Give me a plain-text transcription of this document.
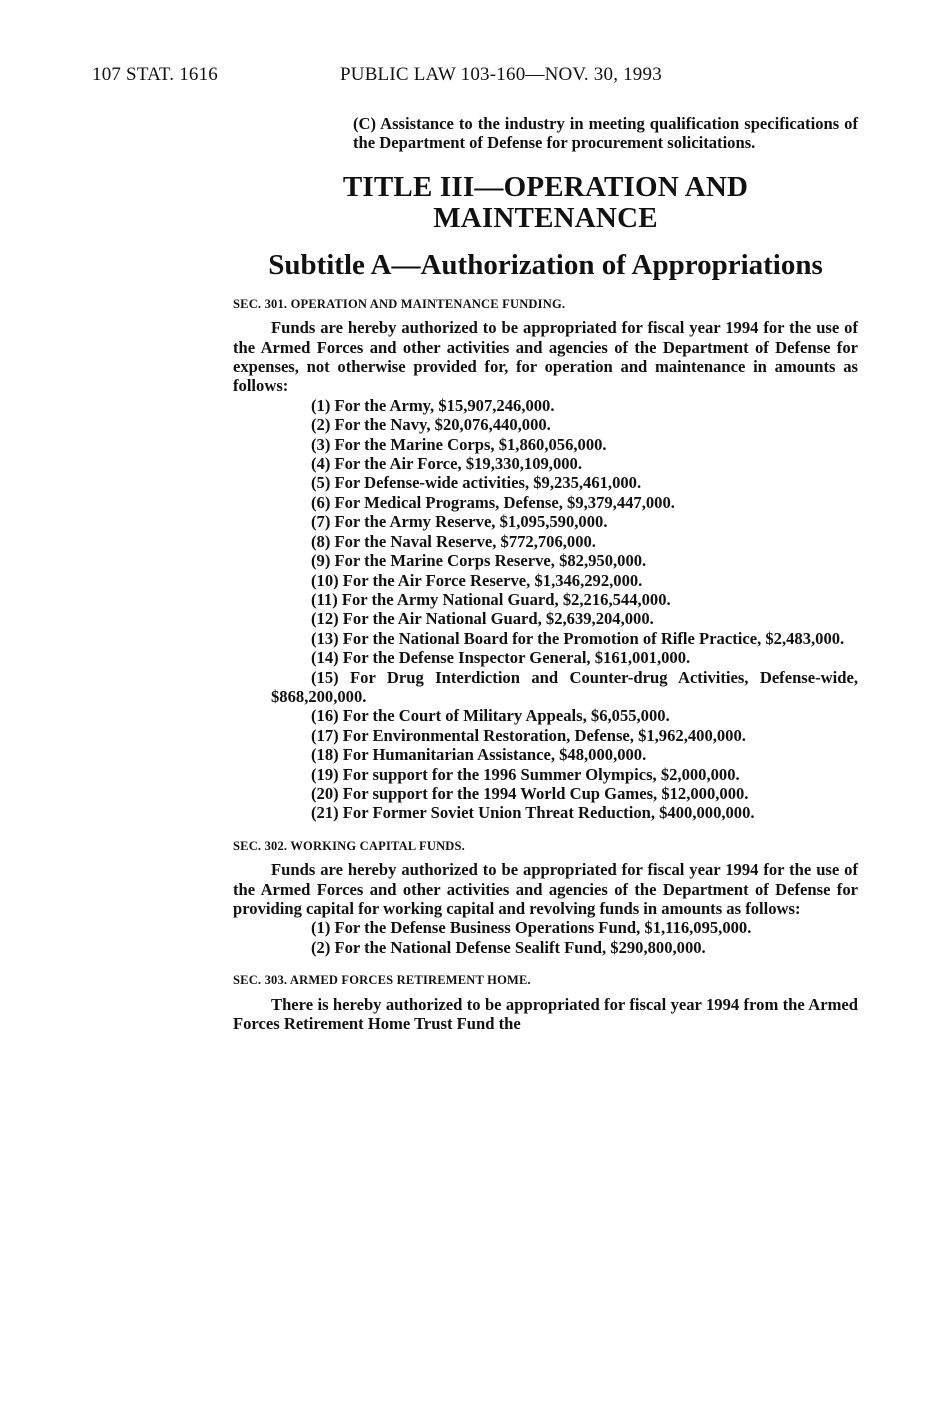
107 STAT. 1616	PUBLIC LAW 103-160—NOV. 30, 1993

(C) Assistance to the industry in meeting qualification specifications of the Department of Defense for procurement solicitations.

TITLE III—OPERATION AND MAINTENANCE
Subtitle A—Authorization of Appropriations
SEC. 301. OPERATION AND MAINTENANCE FUNDING.

Funds are hereby authorized to be appropriated for fiscal year 1994 for the use of the Armed Forces and other activities and agencies of the Department of Defense for expenses, not otherwise provided for, for operation and maintenance in amounts as follows:

(1) For the Army, $15,907,246,000.

(2) For the Navy, $20,076,440,000.

(3) For the Marine Corps, $1,860,056,000.

(4) For the Air Force, $19,330,109,000.

(5) For Defense-wide activities, $9,235,461,000.

(6) For Medical Programs, Defense, $9,379,447,000.

(7) For the Army Reserve, $1,095,590,000.

(8) For the Naval Reserve, $772,706,000.

(9) For the Marine Corps Reserve, $82,950,000.

(10) For the Air Force Reserve, $1,346,292,000.

(11) For the Army National Guard, $2,216,544,000.

(12) For the Air National Guard, $2,639,204,000.

(13) For the National Board for the Promotion of Rifle Practice, $2,483,000.

(14) For the Defense Inspector General, $161,001,000.

(15) For Drug Interdiction and Counter-drug Activities, Defense-wide, $868,200,000.

(16) For the Court of Military Appeals, $6,055,000.

(17) For Environmental Restoration, Defense, $1,962,400,000.

(18) For Humanitarian Assistance, $48,000,000.

(19) For support for the 1996 Summer Olympics, $2,000,000.

(20) For support for the 1994 World Cup Games, $12,000,000.

(21) For Former Soviet Union Threat Reduction, $400,000,000.

SEC. 302. WORKING CAPITAL FUNDS.

Funds are hereby authorized to be appropriated for fiscal year 1994 for the use of the Armed Forces and other activities and agencies of the Department of Defense for providing capital for working capital and revolving funds in amounts as follows:

(1) For the Defense Business Operations Fund, $1,116,095,000.

(2) For the National Defense Sealift Fund, $290,800,000.

SEC. 303. ARMED FORCES RETIREMENT HOME.

There is hereby authorized to be appropriated for fiscal year 1994 from the Armed Forces Retirement Home Trust Fund the
